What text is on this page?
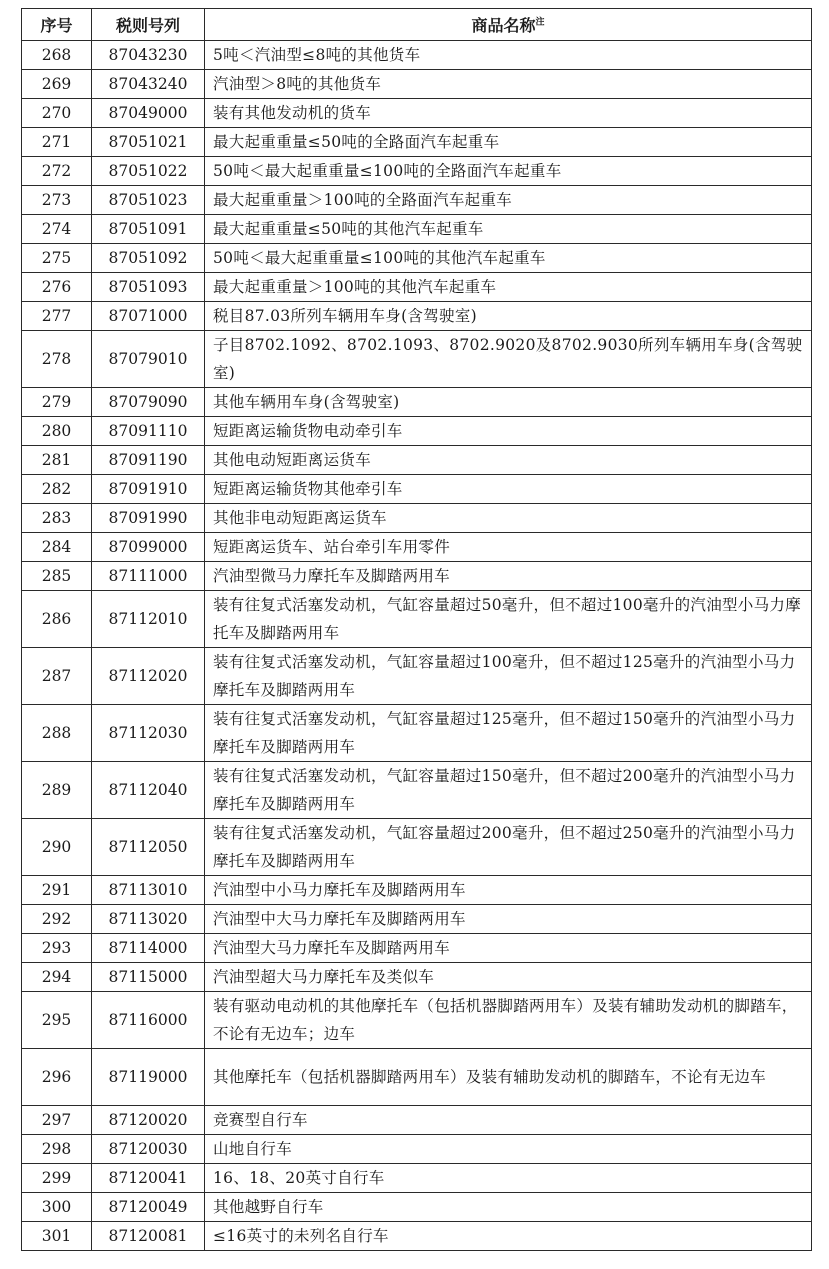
序号	税则号列	商品名称$^注$
268	87043230	5吨＜汽油型≤8吨的其他货车
269	87043240	汽油型＞8吨的其他货车
270	87049000	装有其他发动机的货车
271	87051021	最大起重重量≤50吨的全路面汽车起重车
272	87051022	50吨＜最大起重重量≤100吨的全路面汽车起重车
273	87051023	最大起重重量＞100吨的全路面汽车起重车
274	87051091	最大起重重量≤50吨的其他汽车起重车
275	87051092	50吨＜最大起重重量≤100吨的其他汽车起重车
276	87051093	最大起重重量＞100吨的其他汽车起重车
277	87071000	税目87.03所列车辆用车身(含驾驶室)
278	87079010	子目8702.1092、8702.1093、8702.9020及8702.9030所列车辆用车身(含驾驶室)
279	87079090	其他车辆用车身(含驾驶室)
280	87091110	短距离运输货物电动牵引车
281	87091190	其他电动短距离运货车
282	87091910	短距离运输货物其他牵引车
283	87091990	其他非电动短距离运货车
284	87099000	短距离运货车、站台牵引车用零件
285	87111000	汽油型微马力摩托车及脚踏两用车
286	87112010	装有往复式活塞发动机，气缸容量超过50毫升，但不超过100毫升的汽油型小马力摩托车及脚踏两用车
287	87112020	装有往复式活塞发动机，气缸容量超过100毫升，但不超过125毫升的汽油型小马力摩托车及脚踏两用车
288	87112030	装有往复式活塞发动机，气缸容量超过125毫升，但不超过150毫升的汽油型小马力摩托车及脚踏两用车
289	87112040	装有往复式活塞发动机，气缸容量超过150毫升，但不超过200毫升的汽油型小马力摩托车及脚踏两用车
290	87112050	装有往复式活塞发动机，气缸容量超过200毫升，但不超过250毫升的汽油型小马力摩托车及脚踏两用车
291	87113010	汽油型中小马力摩托车及脚踏两用车
292	87113020	汽油型中大马力摩托车及脚踏两用车
293	87114000	汽油型大马力摩托车及脚踏两用车
294	87115000	汽油型超大马力摩托车及类似车
295	87116000	装有驱动电动机的其他摩托车（包括机器脚踏两用车）及装有辅助发动机的脚踏车，不论有无边车；边车
296	87119000	其他摩托车（包括机器脚踏两用车）及装有辅助发动机的脚踏车，不论有无边车
297	87120020	竞赛型自行车
298	87120030	山地自行车
299	87120041	16、18、20英寸自行车
300	87120049	其他越野自行车
301	87120081	≤16英寸的未列名自行车
